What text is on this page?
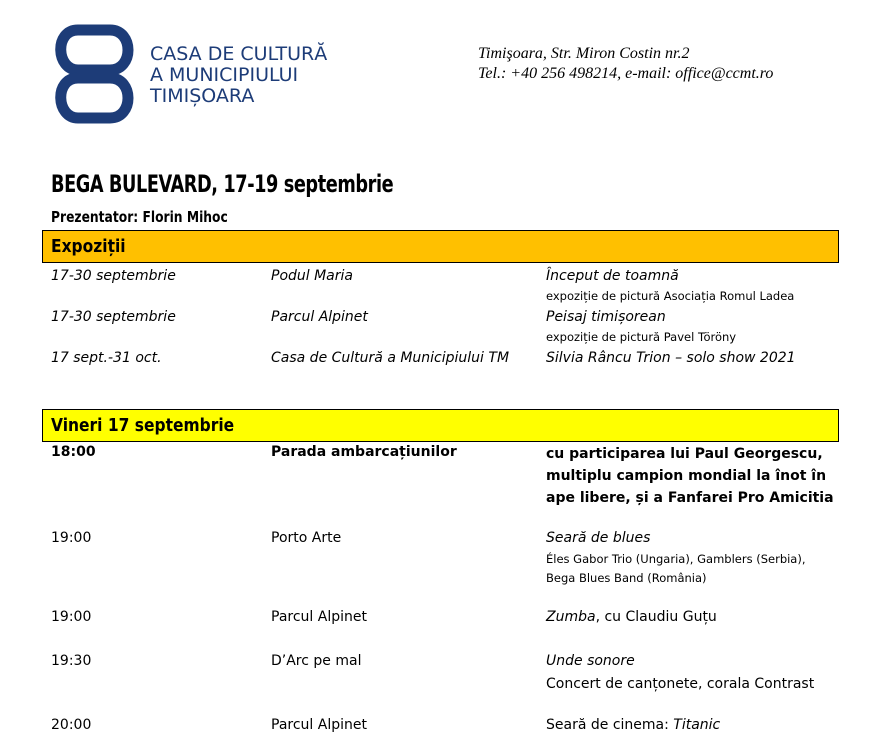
CASA DE CULTURĂ
A MUNICIPIULUI
TIMIȘOARA
Timişoara, Str. Miron Costin nr.2
Tel.: +40 256 498214, e-mail: office@ccmt.ro
BEGA BULEVARD, 17-19 septembrie
Prezentator: Florin Mihoc
Expoziții
17-30 septembrie	Podul Maria	Început de toamnă
expoziție de pictură Asociația Romul Ladea
17-30 septembrie	Parcul Alpinet	Peisaj timișorean
expoziție de pictură Pavel Töröny
17 sept.-31 oct.	Casa de Cultură a Municipiului TM	Silvia Râncu Trion – solo show 2021
Vineri 17 septembrie
18:00	Parada ambarcațiunilor	cu participarea lui Paul Georgescu,
multiplu campion mondial la înot în
ape libere, și a Fanfarei Pro Amicitia
19:00	Porto Arte	Seară de blues
Éles Gabor Trio (Ungaria), Gamblers (Serbia),
Bega Blues Band (România)
19:00	Parcul Alpinet	Zumba, cu Claudiu Guțu
19:30	D’Arc pe mal	Unde sonore
Concert de canțonete, corala Contrast
20:00	Parcul Alpinet	Seară de cinema: Titanic
